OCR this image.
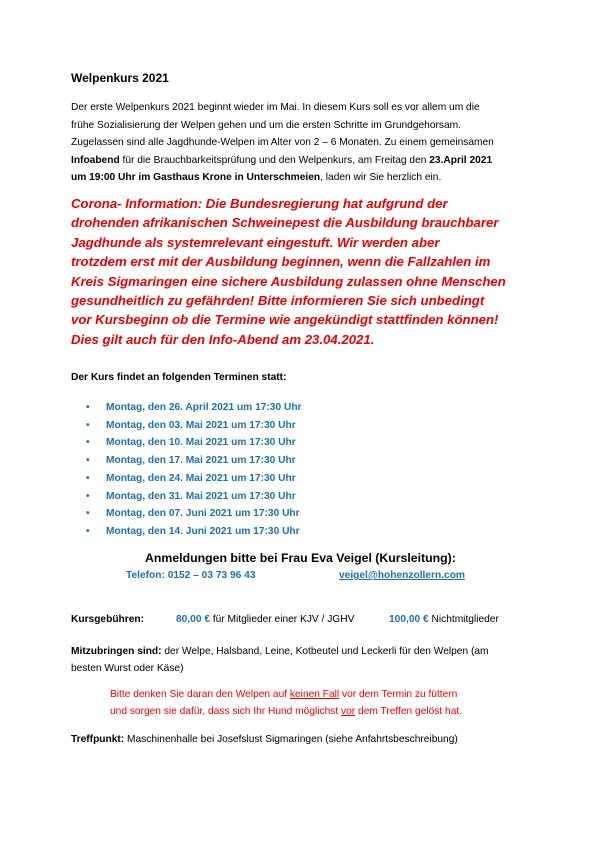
Welpenkurs 2021
Der erste Welpenkurs 2021 beginnt wieder im Mai. In diesem Kurs soll es vor allem um die
frühe Sozialisierung der Welpen gehen und um die ersten Schritte im Grundgehorsam.
Zugelassen sind alle Jagdhunde-Welpen im Alter von 2 – 6 Monaten. Zu einem gemeinsamen
Infoabend für die Brauchbarkeitsprüfung und den Welpenkurs, am Freitag den 23.April 2021
um 19:00 Uhr im Gasthaus Krone in Unterschmeien, laden wir Sie herzlich ein.
Corona- Information: Die Bundesregierung hat aufgrund der
drohenden afrikanischen Schweinepest die Ausbildung brauchbarer
Jagdhunde als systemrelevant eingestuft. Wir werden aber
trotzdem erst mit der Ausbildung beginnen, wenn die Fallzahlen im
Kreis Sigmaringen eine sichere Ausbildung zulassen ohne Menschen
gesundheitlich zu gefährden! Bitte informieren Sie sich unbedingt
vor Kursbeginn ob die Termine wie angekündigt stattfinden können!
Dies gilt auch für den Info-Abend am 23.04.2021.
Der Kurs findet an folgenden Terminen statt:
• Montag, den 26. April 2021 um 17:30 Uhr
• Montag, den 03. Mai 2021 um 17:30 Uhr
• Montag, den 10. Mai 2021 um 17:30 Uhr
• Montag, den 17. Mai 2021 um 17:30 Uhr
• Montag, den 24. Mai 2021 um 17:30 Uhr
• Montag, den 31. Mai 2021 um 17:30 Uhr
• Montag, den 07. Juni 2021 um 17:30 Uhr
• Montag, den 14. Juni 2021 um 17:30 Uhr
Anmeldungen bitte bei Frau Eva Veigel (Kursleitung):
Telefon: 0152 – 03 73 96 43	veigel@hohenzollern.com
Kursgebühren:	80,00 € für Mitglieder einer KJV / JGHV	100,00 € Nichtmitglieder
Mitzubringen sind: der Welpe, Halsband, Leine, Kotbeutel und Leckerli für den Welpen (am
besten Wurst oder Käse)
Bitte denken Sie daran den Welpen auf keinen Fall vor dem Termin zu füttern
und sorgen sie dafür, dass sich Ihr Hund möglichst vor dem Treffen gelöst hat.
Treffpunkt: Maschinenhalle bei Josefslust Sigmaringen (siehe Anfahrtsbeschreibung)
